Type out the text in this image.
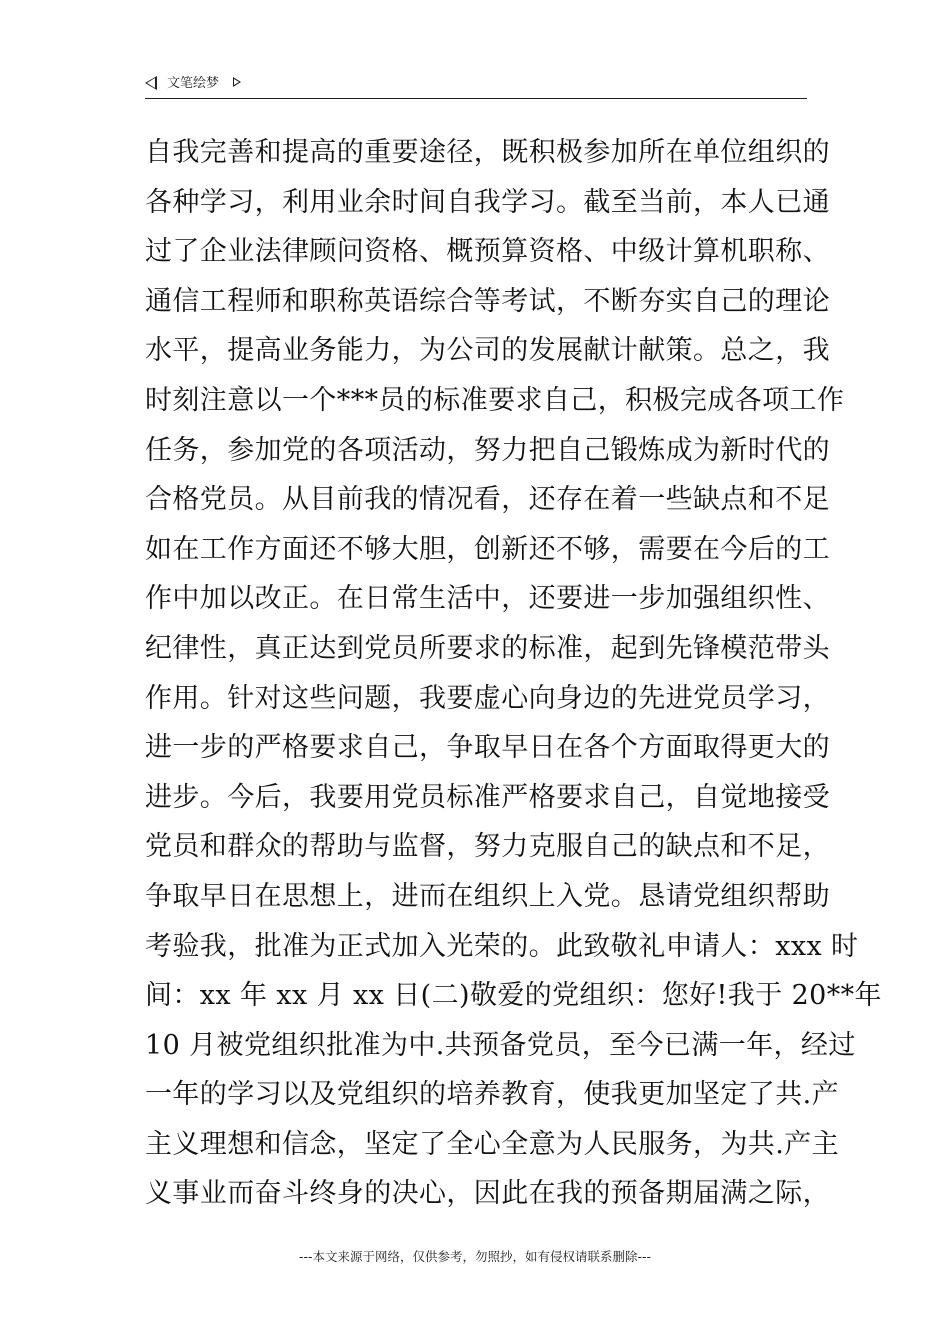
文笔绘梦
自我完善和提高的重要途径，既积极参加所在单位组织的
各种学习，利用业余时间自我学习。截至当前，本人已通
过了企业法律顾问资格、概预算资格、中级计算机职称、
通信工程师和职称英语综合等考试，不断夯实自己的理论
水平，提高业务能力，为公司的发展献计献策。总之，我
时刻注意以一个***员的标准要求自己，积极完成各项工作
任务，参加党的各项活动，努力把自己锻炼成为新时代的
合格党员。从目前我的情况看，还存在着一些缺点和不足
如在工作方面还不够大胆，创新还不够，需要在今后的工
作中加以改正。在日常生活中，还要进一步加强组织性、
纪律性，真正达到党员所要求的标准，起到先锋模范带头
作用。针对这些问题，我要虚心向身边的先进党员学习，
进一步的严格要求自己，争取早日在各个方面取得更大的
进步。今后，我要用党员标准严格要求自己，自觉地接受
党员和群众的帮助与监督，努力克服自己的缺点和不足，
争取早日在思想上，进而在组织上入党。恳请党组织帮助
考验我，批准为正式加入光荣的。此致敬礼申请人：xxx 时
间：xx 年 xx 月 xx 日(二)敬爱的党组织：您好!我于 20**年
10 月被党组织批准为中.共预备党员，至今已满一年，经过
一年的学习以及党组织的培养教育，使我更加坚定了共.产
主义理想和信念，坚定了全心全意为人民服务，为共.产主
义事业而奋斗终身的决心，因此在我的预备期届满之际，
---本文来源于网络，仅供参考，勿照抄，如有侵权请联系删除---
